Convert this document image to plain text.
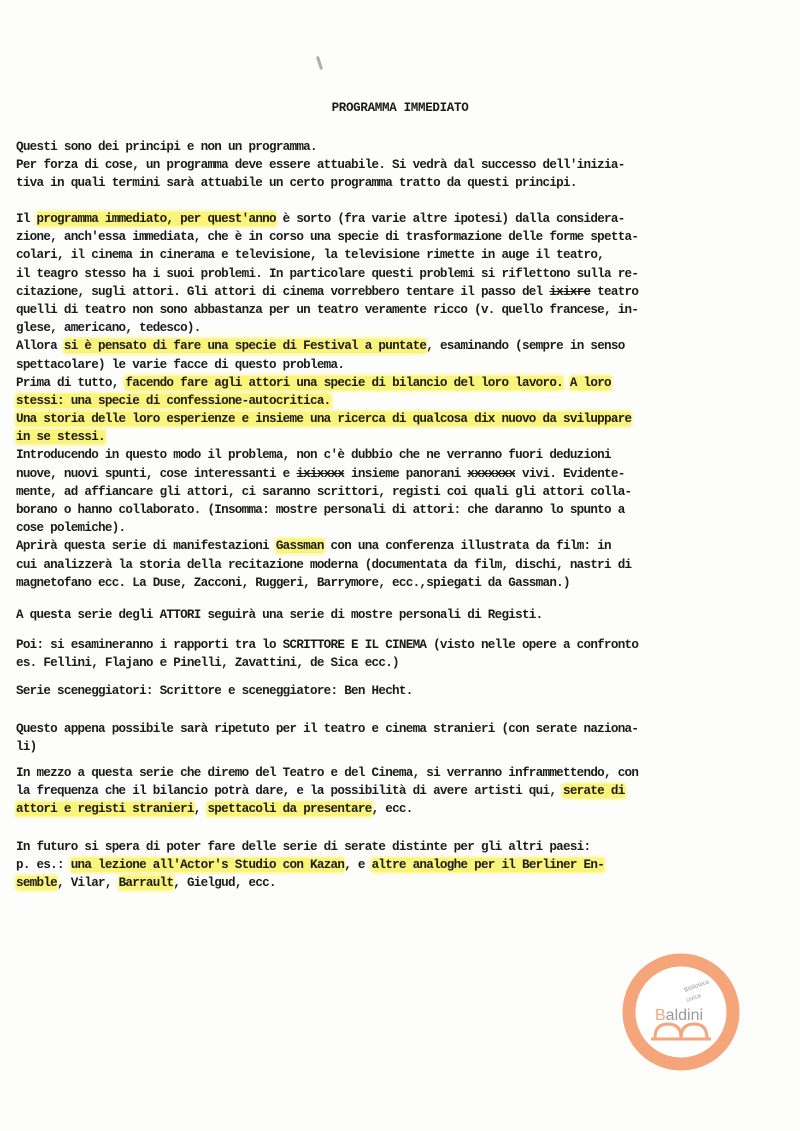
PROGRAMMA IMMEDIATO
Questi sono dei principi e non un programma.
Per forza di cose, un programma deve essere attuabile. Si vedrà dal successo dell'inizia-
tiva in quali termini sarà attuabile un certo programma tratto da questi principi.
Il programma immediato, per quest'anno è sorto (fra varie altre ipotesi) dalla considera-
zione, anch'essa immediata, che è in corso una specie di trasformazione delle forme spetta-
colari, il cinema in cinerama e televisione, la televisione rimette in auge il teatro,
il teagro stesso ha i suoi problemi. In particolare questi problemi si riflettono sulla re-
citazione, sugli attori. Gli attori di cinema vorrebbero tentare il passo del ixixre teatro
quelli di teatro non sono abbastanza per un teatro veramente ricco (v. quello francese, in-
glese, americano, tedesco).
Allora si è pensato di fare una specie di Festival a puntate, esaminando (sempre in senso
spettacolare) le varie facce di questo problema.
Prima di tutto, facendo fare agli attori una specie di bilancio del loro lavoro. A loro
stessi: una specie di confessione-autocritica.
Una storia delle loro esperienze e insieme una ricerca di qualcosa dix nuovo da sviluppare
in se stessi.
Introducendo in questo modo il problema, non c'è dubbio che ne verranno fuori deduzioni
nuove, nuovi spunti, cose interessanti e ixixxxx insieme panorani xxxxxxx vivi. Evidente-
mente, ad affiancare gli attori, ci saranno scrittori, registi coi quali gli attori colla-
borano o hanno collaborato. (Insomma: mostre personali di attori: che daranno lo spunto a
cose polemiche).
Aprirà questa serie di manifestazioni Gassman con una conferenza illustrata da film: in
cui analizzerà la storia della recitazione moderna (documentata da film, dischi, nastri di
magnetofano ecc. La Duse, Zacconi, Ruggeri, Barrymore, ecc.,spiegati da Gassman.)
A questa serie degli ATTORI seguirà una serie di mostre personali di Registi.
Poi: si esamineranno i rapporti tra lo SCRITTORE E IL CINEMA (visto nelle opere a confronto
es. Fellini, Flajano e Pinelli, Zavattini, de Sica ecc.)
Serie sceneggiatori: Scrittore e sceneggiatore: Ben Hecht.
Questo appena possibile sarà ripetuto per il teatro e cinema stranieri (con serate naziona-
li)
In mezzo a questa serie che diremo del Teatro e del Cinema, si verranno inframmettendo, con
la frequenza che il bilancio potrà dare, e la possibilità di avere artisti qui, serate di
attori e registi stranieri, spettacoli da presentare, ecc.
In futuro si spera di poter fare delle serie di serate distinte per gli altri paesi:
p. es.: una lezione all'Actor's Studio con Kazan, e altre analoghe per il Berliner En-
semble, Vilar, Barrault, Gielgud, ecc.
Biblioteca
civica
Baldini
